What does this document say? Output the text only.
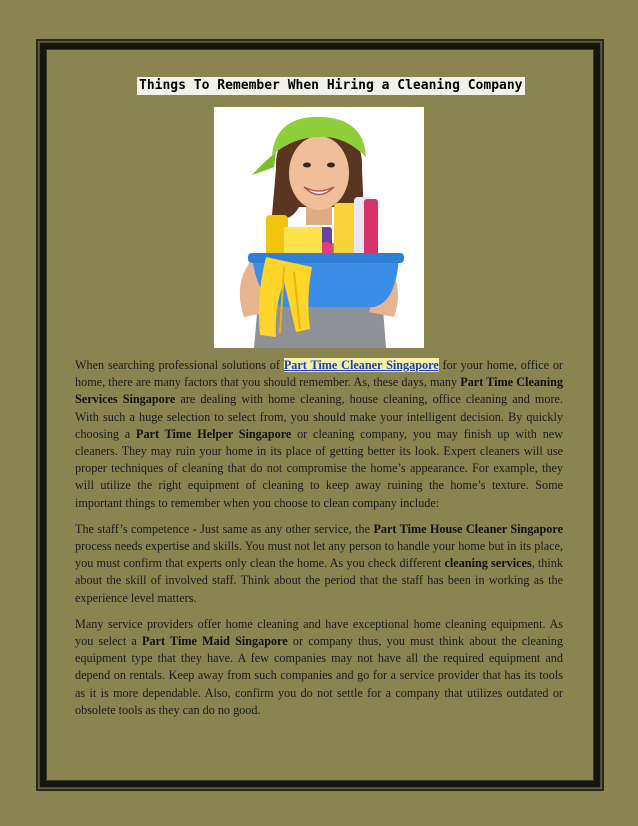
Things To Remember When Hiring a Cleaning Company

When searching professional solutions of Part Time Cleaner Singapore for your home, office or home, there are many factors that you should remember. As, these days, many Part Time Cleaning Services Singapore are dealing with home cleaning, house cleaning, office cleaning and more. With such a huge selection to select from, you should make your intelligent decision. By quickly choosing a Part Time Helper Singapore or cleaning company, you may finish up with new cleaners. They may ruin your home in its place of getting better its look. Expert cleaners will use proper techniques of cleaning that do not compromise the home’s appearance. For example, they will utilize the right equipment of cleaning to keep away ruining the home’s texture. Some important things to remember when you choose to clean company include:

The staff’s competence - Just same as any other service, the Part Time House Cleaner Singapore process needs expertise and skills. You must not let any person to handle your home but in its place, you must confirm that experts only clean the home. As you check different cleaning services, think about the skill of involved staff. Think about the period that the staff has been in working as the experience level matters.

Many service providers offer home cleaning and have exceptional home cleaning equipment. As you select a Part Time Maid Singapore or company thus, you must think about the cleaning equipment type that they have. A few companies may not have all the required equipment and depend on rentals. Keep away from such companies and go for a service provider that has its tools as it is more dependable. Also, confirm you do not settle for a company that utilizes outdated or obsolete tools as they can do no good.
